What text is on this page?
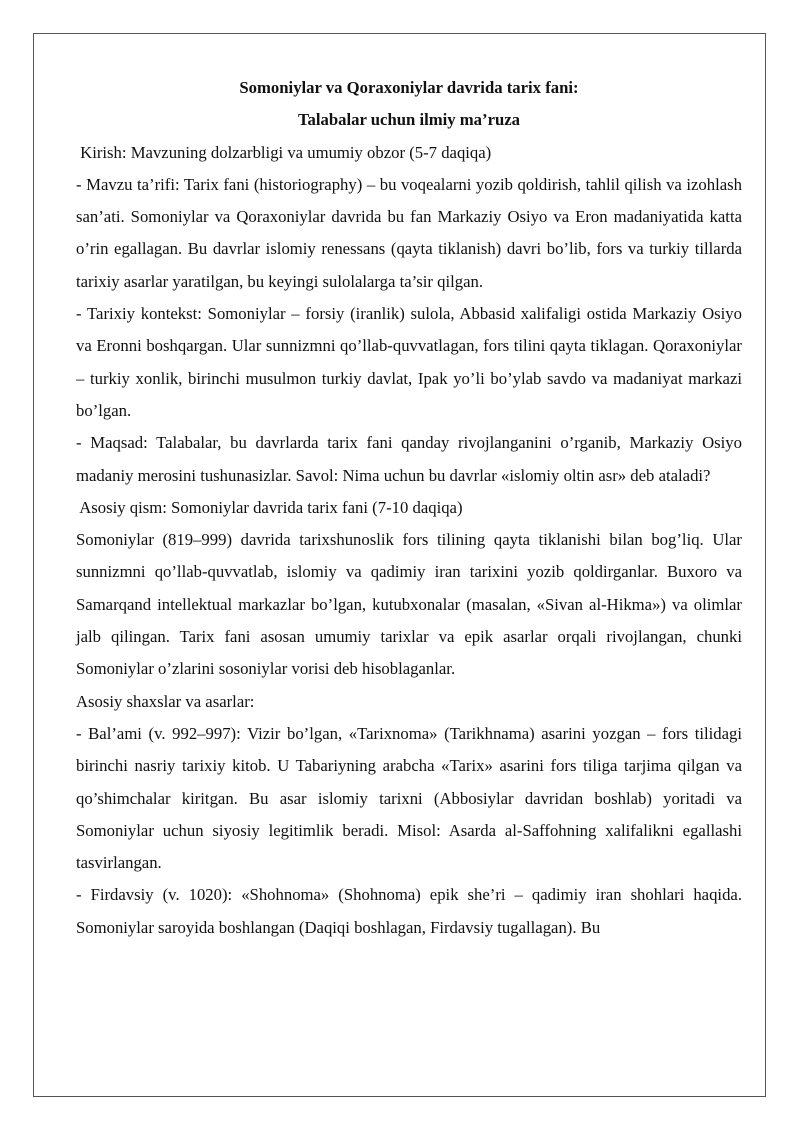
Somoniylar va Qoraxoniylar davrida tarix fani:
Talabalar uchun ilmiy ma’ruza

Kirish: Mavzuning dolzarbligi va umumiy obzor (5-7 daqiqa)

- Mavzu ta’rifi: Tarix fani (historiography) – bu voqealarni yozib qoldirish, tahlil qilish va izohlash san’ati. Somoniylar va Qoraxoniylar davrida bu fan Markaziy Osiyo va Eron madaniyatida katta o’rin egallagan. Bu davrlar islomiy renessans (qayta tiklanish) davri bo’lib, fors va turkiy tillarda tarixiy asarlar yaratilgan, bu keyingi sulolalarga ta’sir qilgan.

- Tarixiy kontekst: Somoniylar – forsiy (iranlik) sulola, Abbasid xalifaligi ostida Markaziy Osiyo va Eronni boshqargan. Ular sunnizmni qo’llab-quvvatlagan, fors tilini qayta tiklagan. Qoraxoniylar – turkiy xonlik, birinchi musulmon turkiy davlat, Ipak yo’li bo’ylab savdo va madaniyat markazi bo’lgan.

- Maqsad: Talabalar, bu davrlarda tarix fani qanday rivojlanganini o’rganib, Markaziy Osiyo madaniy merosini tushunasizlar. Savol: Nima uchun bu davrlar «islomiy oltin asr» deb ataladi?

Asosiy qism: Somoniylar davrida tarix fani (7-10 daqiqa)

Somoniylar (819–999) davrida tarixshunoslik fors tilining qayta tiklanishi bilan bog’liq. Ular sunnizmni qo’llab-quvvatlab, islomiy va qadimiy iran tarixini yozib qoldirganlar. Buxoro va Samarqand intellektual markazlar bo’lgan, kutubxonalar (masalan, «Sivan al-Hikma») va olimlar jalb qilingan. Tarix fani asosan umumiy tarixlar va epik asarlar orqali rivojlangan, chunki Somoniylar o’zlarini sosoniylar vorisi deb hisoblaganlar.

Asosiy shaxslar va asarlar:

- Bal’ami (v. 992–997): Vizir bo’lgan, «Tarixnoma» (Tarikhnama) asarini yozgan – fors tilidagi birinchi nasriy tarixiy kitob. U Tabariyning arabcha «Tarix» asarini fors tiliga tarjima qilgan va qo’shimchalar kiritgan. Bu asar islomiy tarixni (Abbosiylar davridan boshlab) yoritadi va Somoniylar uchun siyosiy legitimlik beradi. Misol: Asarda al-Saffohning xalifalikni egallashi tasvirlangan.

- Firdavsiy (v. 1020): «Shohnoma» (Shohnoma) epik she’ri – qadimiy iran shohlari haqida. Somoniylar saroyida boshlangan (Daqiqi boshlagan, Firdavsiy tugallagan). Bu
